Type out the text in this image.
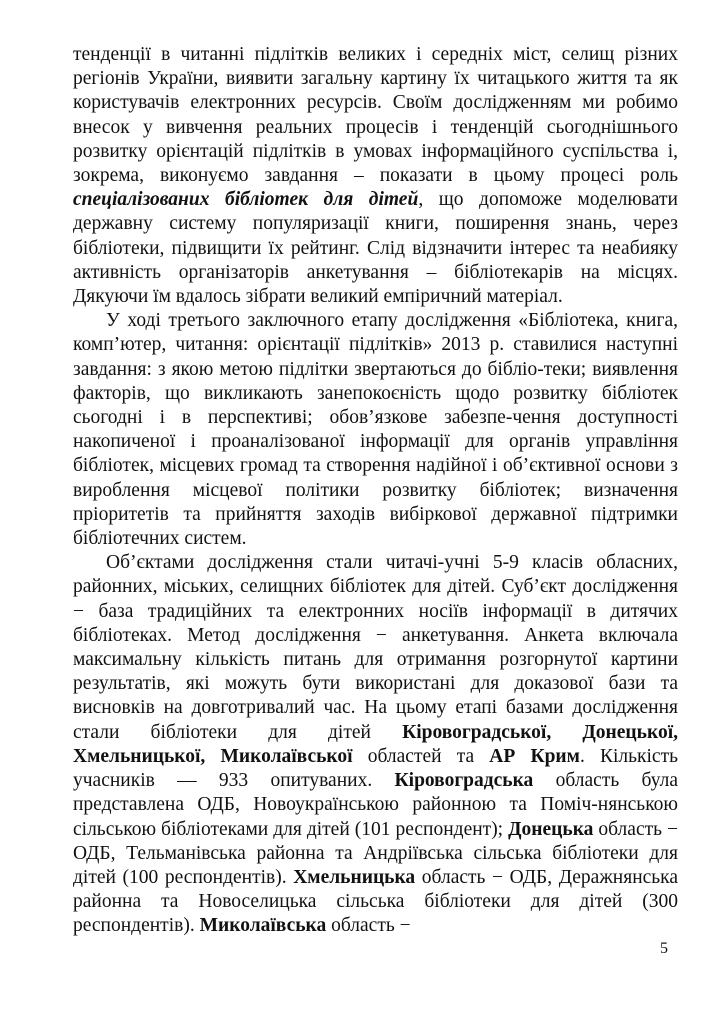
тенденції в читанні підлітків великих і середніх міст, селищ різних регіонів України, виявити загальну картину їх читацького життя та як користувачів електронних ресурсів. Своїм дослідженням ми робимо внесок у вивчення реальних процесів і тенденцій сьогоднішнього розвитку орієнтацій підлітків в умовах інформаційного суспільства і, зокрема, виконуємо завдання – показати в цьому процесі роль спеціалізованих бібліотек для дітей, що допоможе моделювати державну систему популяризації книги, поширення знань, через бібліотеки, підвищити їх рейтинг. Слід відзначити інтерес та неабияку активність організаторів анкетування – бібліотекарів на місцях. Дякуючи їм вдалось зібрати великий емпіричний матеріал.

У ході третього заключного етапу дослідження «Бібліотека, книга, комп’ютер, читання: орієнтації підлітків» 2013 р. ставилися наступні завдання: з якою метою підлітки звертаються до бібліо-теки; виявлення факторів, що викликають занепокоєність щодо розвитку бібліотек сьогодні і в перспективі; обов’язкове забезпе-чення доступності накопиченої і проаналізованої інформації для органів управління бібліотек, місцевих громад та створення надійної і об’єктивної основи з вироблення місцевої політики розвитку бібліотек; визначення пріоритетів та прийняття заходів вибіркової державної підтримки бібліотечних систем.

Об’єктами дослідження стали читачі-учні 5-9 класів обласних, районних, міських, селищних бібліотек для дітей. Суб’єкт дослідження − база традиційних та електронних носіїв інформації в дитячих бібліотеках. Метод дослідження − анкетування. Анкета включала максимальну кількість питань для отримання розгорнутої картини результатів, які можуть бути використані для доказової бази та висновків на довготривалий час. На цьому етапі базами дослідження стали бібліотеки для дітей Кіровоградської, Донецької, Хмельницької, Миколаївської областей та АР Крим. Кількість учасників — 933 опитуваних. Кіровоградська область була представлена ОДБ, Новоукраїнською районною та Поміч-нянською сільською бібліотеками для дітей (101 респондент); Донецька область − ОДБ, Тельманівська районна та Андріївська сільська бібліотеки для дітей (100 респондентів). Хмельницька область − ОДБ, Деражнянська районна та Новоселицька сільська бібліотеки для дітей (300 респондентів). Миколаївська область −

5
